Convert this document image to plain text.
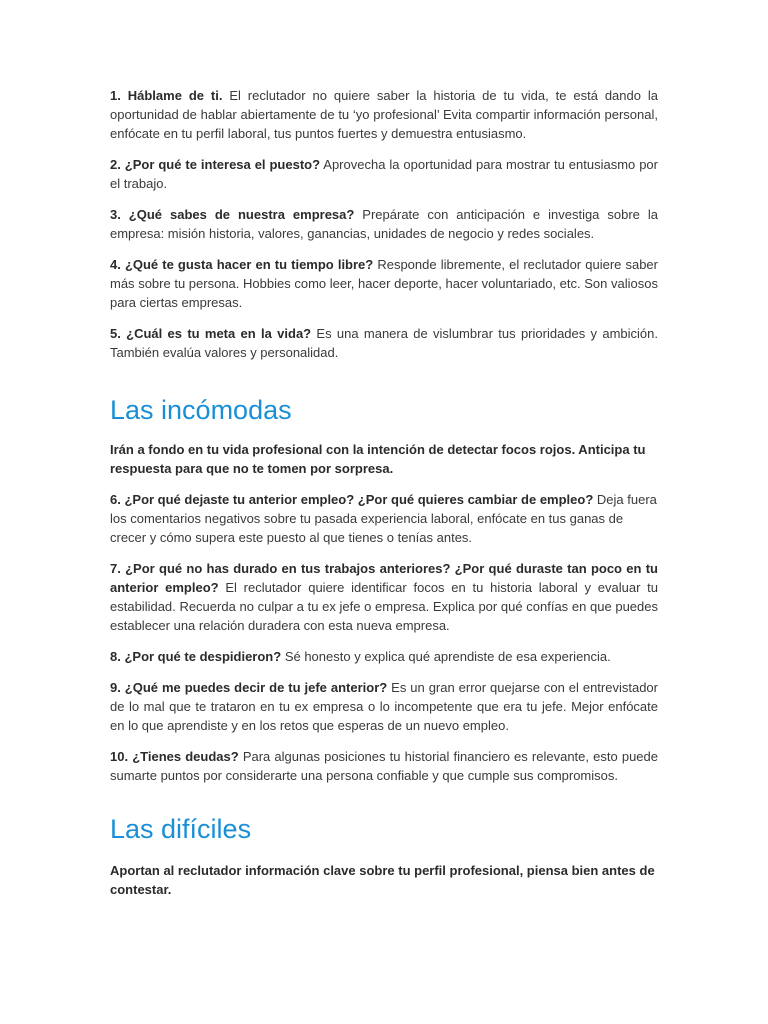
1. Háblame de ti. El reclutador no quiere saber la historia de tu vida, te está dando la oportunidad de hablar abiertamente de tu ‘yo profesional’ Evita compartir información personal, enfócate en tu perfil laboral, tus puntos fuertes y demuestra entusiasmo.

2. ¿Por qué te interesa el puesto? Aprovecha la oportunidad para mostrar tu entusiasmo por el trabajo.

3. ¿Qué sabes de nuestra empresa? Prepárate con anticipación e investiga sobre la empresa: misión historia, valores, ganancias, unidades de negocio y redes sociales.

4. ¿Qué te gusta hacer en tu tiempo libre? Responde libremente, el reclutador quiere saber más sobre tu persona. Hobbies como leer, hacer deporte, hacer voluntariado, etc. Son valiosos para ciertas empresas.

5. ¿Cuál es tu meta en la vida? Es una manera de vislumbrar tus prioridades y ambición. También evalúa valores y personalidad.

Las incómodas

Irán a fondo en tu vida profesional con la intención de detectar focos rojos. Anticipa tu respuesta para que no te tomen por sorpresa.

6. ¿Por qué dejaste tu anterior empleo? ¿Por qué quieres cambiar de empleo? Deja fuera los comentarios negativos sobre tu pasada experiencia laboral, enfócate en tus ganas de crecer y cómo supera este puesto al que tienes o tenías antes.

7. ¿Por qué no has durado en tus trabajos anteriores? ¿Por qué duraste tan poco en tu anterior empleo? El reclutador quiere identificar focos en tu historia laboral y evaluar tu estabilidad. Recuerda no culpar a tu ex jefe o empresa. Explica por qué confías en que puedes establecer una relación duradera con esta nueva empresa.

8. ¿Por qué te despidieron? Sé honesto y explica qué aprendiste de esa experiencia.

9. ¿Qué me puedes decir de tu jefe anterior? Es un gran error quejarse con el entrevistador de lo mal que te trataron en tu ex empresa o lo incompetente que era tu jefe. Mejor enfócate en lo que aprendiste y en los retos que esperas de un nuevo empleo.

10. ¿Tienes deudas? Para algunas posiciones tu historial financiero es relevante, esto puede sumarte puntos por considerarte una persona confiable y que cumple sus compromisos.

Las difíciles

Aportan al reclutador información clave sobre tu perfil profesional, piensa bien antes de contestar.
